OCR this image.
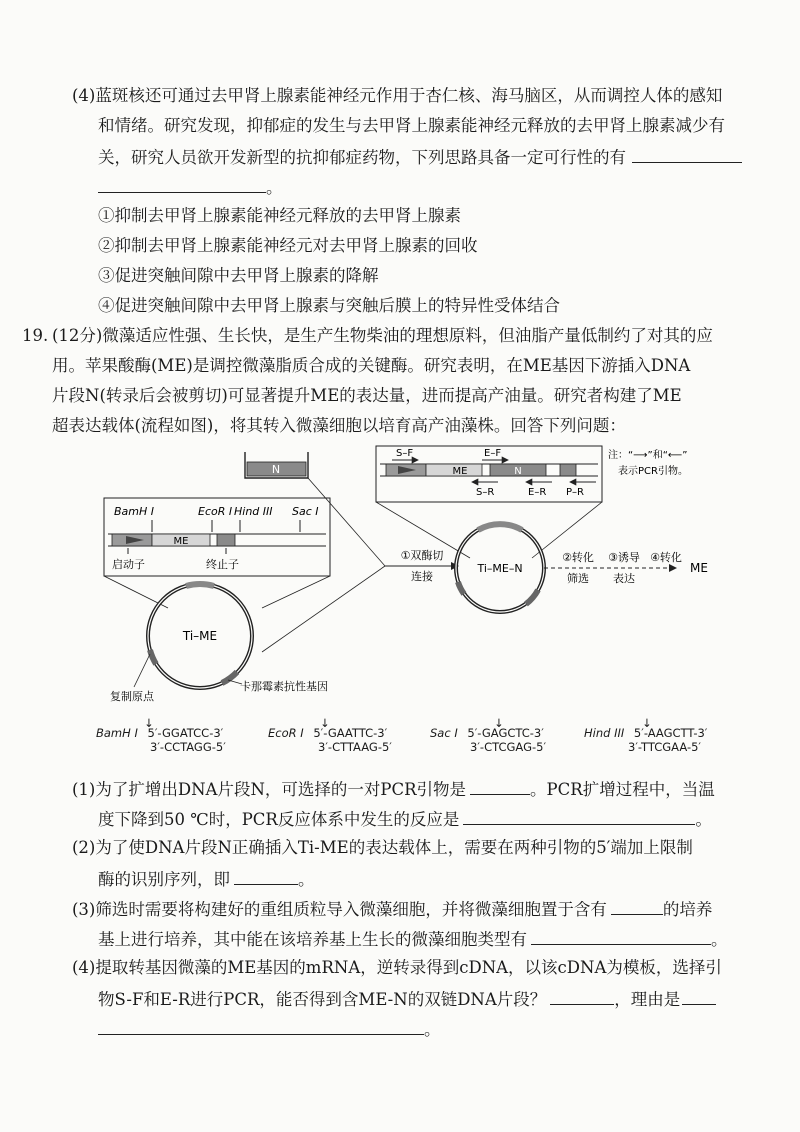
(4)蓝斑核还可通过去甲肾上腺素能神经元作用于杏仁核、海马脑区，从而调控人体的感知
和情绪。研究发现，抑郁症的发生与去甲肾上腺素能神经元释放的去甲肾上腺素减少有
关，研究人员欲开发新型的抗抑郁症药物，下列思路具备一定可行性的有
。
①抑制去甲肾上腺素能神经元释放的去甲肾上腺素
②抑制去甲肾上腺素能神经元对去甲肾上腺素的回收
③促进突触间隙中去甲肾上腺素的降解
④促进突触间隙中去甲肾上腺素与突触后膜上的特异性受体结合
19. (12分)微藻适应性强、生长快，是生产生物柴油的理想原料，但油脂产量低制约了对其的应
用。苹果酸酶(ME)是调控微藻脂质合成的关键酶。研究表明，在ME基因下游插入DNA
片段N(转录后会被剪切)可显著提升ME的表达量，进而提高产油量。研究者构建了ME
超表达载体(流程如图)，将其转入微藻细胞以培育高产油藻株。回答下列问题：
N
BamH I	EcoR I Hind III Sac I
ME
启动子	终止子
Ti–ME
复制原点
卡那霉素抗性基因
①双酶切
连接
S–F	E–F
ME	N
S–R	E–R P–R
注：“⟶”和“⟵”
表示PCR引物。
Ti–ME–N
②转化
筛选
③诱导
表达
④转化
ME
BamH I
↓
5′-GGATCC-3′
3′-CCTAGG-5′
EcoR I
↓
5′-GAATTC-3′
3′-CTTAAG-5′
Sac I
↓
5′-GAGCTC-3′
3′-CTCGAG-5′
Hind III
↓
5′-AAGCTT-3′
3′-TTCGAA-5′
(1)为了扩增出DNA片段N，可选择的一对PCR引物是	。PCR扩增过程中，当温
度下降到50 ℃时，PCR反应体系中发生的反应是	。
(2)为了使DNA片段N正确插入Ti-ME的表达载体上，需要在两种引物的5′端加上限制
酶的识别序列，即	。
(3)筛选时需要将构建好的重组质粒导入微藻细胞，并将微藻细胞置于含有	的培养
基上进行培养，其中能在该培养基上生长的微藻细胞类型有	。
(4)提取转基因微藻的ME基因的mRNA，逆转录得到cDNA，以该cDNA为模板，选择引
物S-F和E-R进行PCR，能否得到含ME-N的双链DNA片段？	，理由是
。
